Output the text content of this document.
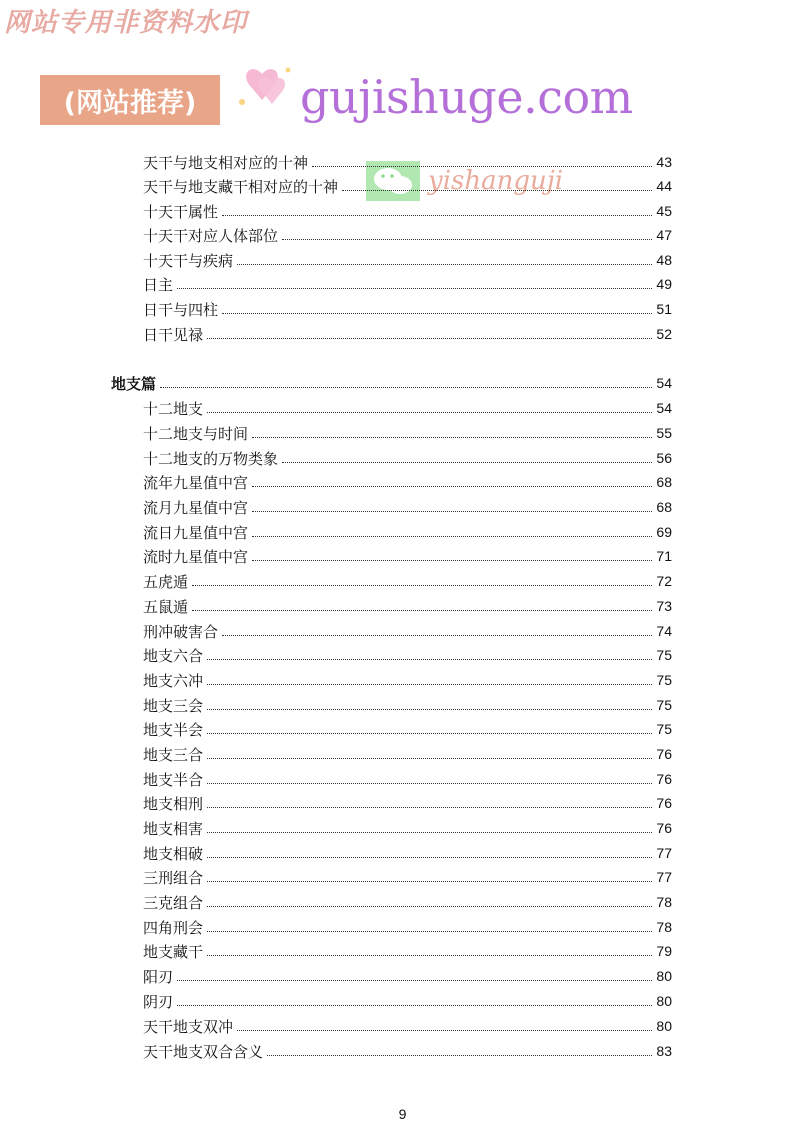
网站专用非资料水印
(网站推荐)	gujishuge.com
yishanguji
天干与地支相对应的十神	43
天干与地支藏干相对应的十神	44
十天干属性	45
十天干对应人体部位	47
十天干与疾病	48
日主	49
日干与四柱	51
日干见禄	52
地支篇	54
十二地支	54
十二地支与时间	55
十二地支的万物类象	56
流年九星值中宫	68
流月九星值中宫	68
流日九星值中宫	69
流时九星值中宫	71
五虎遁	72
五鼠遁	73
刑冲破害合	74
地支六合	75
地支六冲	75
地支三会	75
地支半会	75
地支三合	76
地支半合	76
地支相刑	76
地支相害	76
地支相破	77
三刑组合	77
三克组合	78
四角刑会	78
地支藏干	79
阳刃	80
阴刃	80
天干地支双冲	80
天干地支双合含义	83
9
